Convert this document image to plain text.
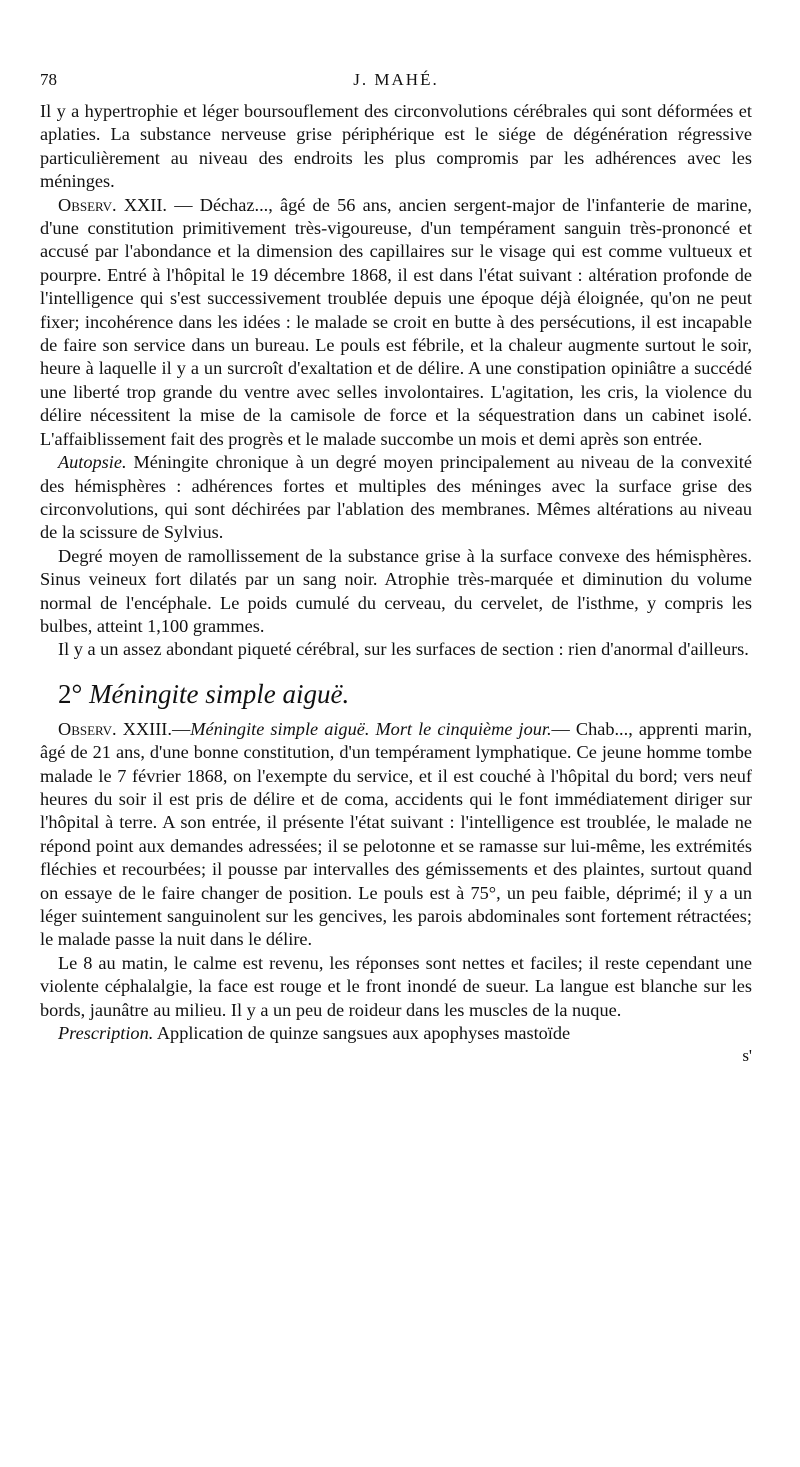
78	J. MAHÉ.

Il y a hypertrophie et léger boursouflement des circonvolutions cérébrales qui sont déformées et aplaties. La substance nerveuse grise périphérique est le siége de dégénération régressive particulièrement au niveau des endroits les plus compromis par les adhérences avec les méninges.

Observ. XXII. — Déchaz..., âgé de 56 ans, ancien sergent-major de l'infanterie de marine, d'une constitution primitivement très-vigoureuse, d'un tempérament sanguin très-prononcé et accusé par l'abondance et la dimension des capillaires sur le visage qui est comme vultueux et pourpre. Entré à l'hôpital le 19 décembre 1868, il est dans l'état suivant : altération profonde de l'intelligence qui s'est successivement troublée depuis une époque déjà éloignée, qu'on ne peut fixer; incohérence dans les idées : le malade se croit en butte à des persécutions, il est incapable de faire son service dans un bureau. Le pouls est fébrile, et la chaleur augmente surtout le soir, heure à laquelle il y a un surcroît d'exaltation et de délire. A une constipation opiniâtre a succédé une liberté trop grande du ventre avec selles involontaires. L'agitation, les cris, la violence du délire nécessitent la mise de la camisole de force et la séquestration dans un cabinet isolé. L'affaiblissement fait des progrès et le malade succombe un mois et demi après son entrée.

Autopsie. Méningite chronique à un degré moyen principalement au niveau de la convexité des hémisphères : adhérences fortes et multiples des méninges avec la surface grise des circonvolutions, qui sont déchirées par l'ablation des membranes. Mêmes altérations au niveau de la scissure de Sylvius.

Degré moyen de ramollissement de la substance grise à la surface convexe des hémisphères. Sinus veineux fort dilatés par un sang noir. Atrophie très-marquée et diminution du volume normal de l'encéphale. Le poids cumulé du cerveau, du cervelet, de l'isthme, y compris les bulbes, atteint 1,100 grammes.

Il y a un assez abondant piqueté cérébral, sur les surfaces de section : rien d'anormal d'ailleurs.

2° Méningite simple aiguë.

Observ. XXIII.—Méningite simple aiguë. Mort le cinquième jour.— Chab..., apprenti marin, âgé de 21 ans, d'une bonne constitution, d'un tempérament lymphatique. Ce jeune homme tombe malade le 7 février 1868, on l'exempte du service, et il est couché à l'hôpital du bord; vers neuf heures du soir il est pris de délire et de coma, accidents qui le font immédiatement diriger sur l'hôpital à terre. A son entrée, il présente l'état suivant : l'intelligence est troublée, le malade ne répond point aux demandes adressées; il se pelotonne et se ramasse sur lui-même, les extrémités fléchies et recourbées; il pousse par intervalles des gémissements et des plaintes, surtout quand on essaye de le faire changer de position. Le pouls est à 75°, un peu faible, déprimé; il y a un léger suintement sanguinolent sur les gencives, les parois abdominales sont fortement rétractées; le malade passe la nuit dans le délire.

Le 8 au matin, le calme est revenu, les réponses sont nettes et faciles; il reste cependant une violente céphalalgie, la face est rouge et le front inondé de sueur. La langue est blanche sur les bords, jaunâtre au milieu. Il y a un peu de roideur dans les muscles de la nuque.

Prescription. Application de quinze sangsues aux apophyses mastoïde

s'
